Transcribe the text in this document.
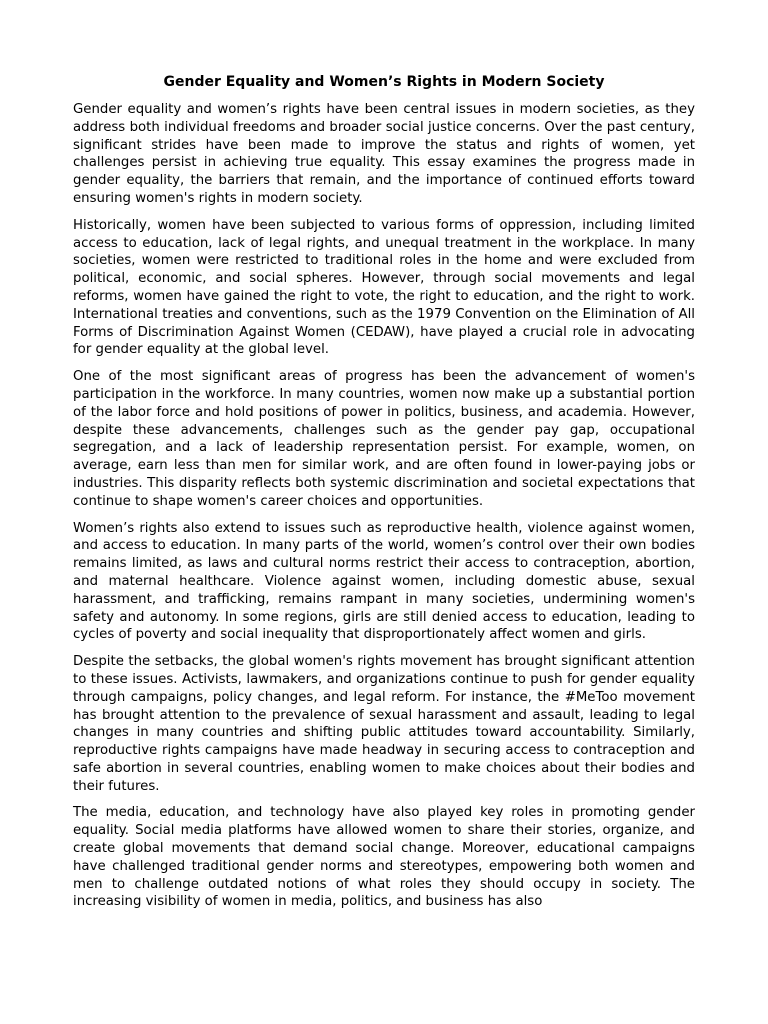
Gender Equality and Women’s Rights in Modern Society

Gender equality and women’s rights have been central issues in modern societies, as they address both individual freedoms and broader social justice concerns. Over the past century, significant strides have been made to improve the status and rights of women, yet challenges persist in achieving true equality. This essay examines the progress made in gender equality, the barriers that remain, and the importance of continued efforts toward ensuring women's rights in modern society.

Historically, women have been subjected to various forms of oppression, including limited access to education, lack of legal rights, and unequal treatment in the workplace. In many societies, women were restricted to traditional roles in the home and were excluded from political, economic, and social spheres. However, through social movements and legal reforms, women have gained the right to vote, the right to education, and the right to work. International treaties and conventions, such as the 1979 Convention on the Elimination of All Forms of Discrimination Against Women (CEDAW), have played a crucial role in advocating for gender equality at the global level.

One of the most significant areas of progress has been the advancement of women's participation in the workforce. In many countries, women now make up a substantial portion of the labor force and hold positions of power in politics, business, and academia. However, despite these advancements, challenges such as the gender pay gap, occupational segregation, and a lack of leadership representation persist. For example, women, on average, earn less than men for similar work, and are often found in lower-paying jobs or industries. This disparity reflects both systemic discrimination and societal expectations that continue to shape women's career choices and opportunities.

Women’s rights also extend to issues such as reproductive health, violence against women, and access to education. In many parts of the world, women’s control over their own bodies remains limited, as laws and cultural norms restrict their access to contraception, abortion, and maternal healthcare. Violence against women, including domestic abuse, sexual harassment, and trafficking, remains rampant in many societies, undermining women's safety and autonomy. In some regions, girls are still denied access to education, leading to cycles of poverty and social inequality that disproportionately affect women and girls.

Despite the setbacks, the global women's rights movement has brought significant attention to these issues. Activists, lawmakers, and organizations continue to push for gender equality through campaigns, policy changes, and legal reform. For instance, the #MeToo movement has brought attention to the prevalence of sexual harassment and assault, leading to legal changes in many countries and shifting public attitudes toward accountability. Similarly, reproductive rights campaigns have made headway in securing access to contraception and safe abortion in several countries, enabling women to make choices about their bodies and their futures.

The media, education, and technology have also played key roles in promoting gender equality. Social media platforms have allowed women to share their stories, organize, and create global movements that demand social change. Moreover, educational campaigns have challenged traditional gender norms and stereotypes, empowering both women and men to challenge outdated notions of what roles they should occupy in society. The increasing visibility of women in media, politics, and business has also
